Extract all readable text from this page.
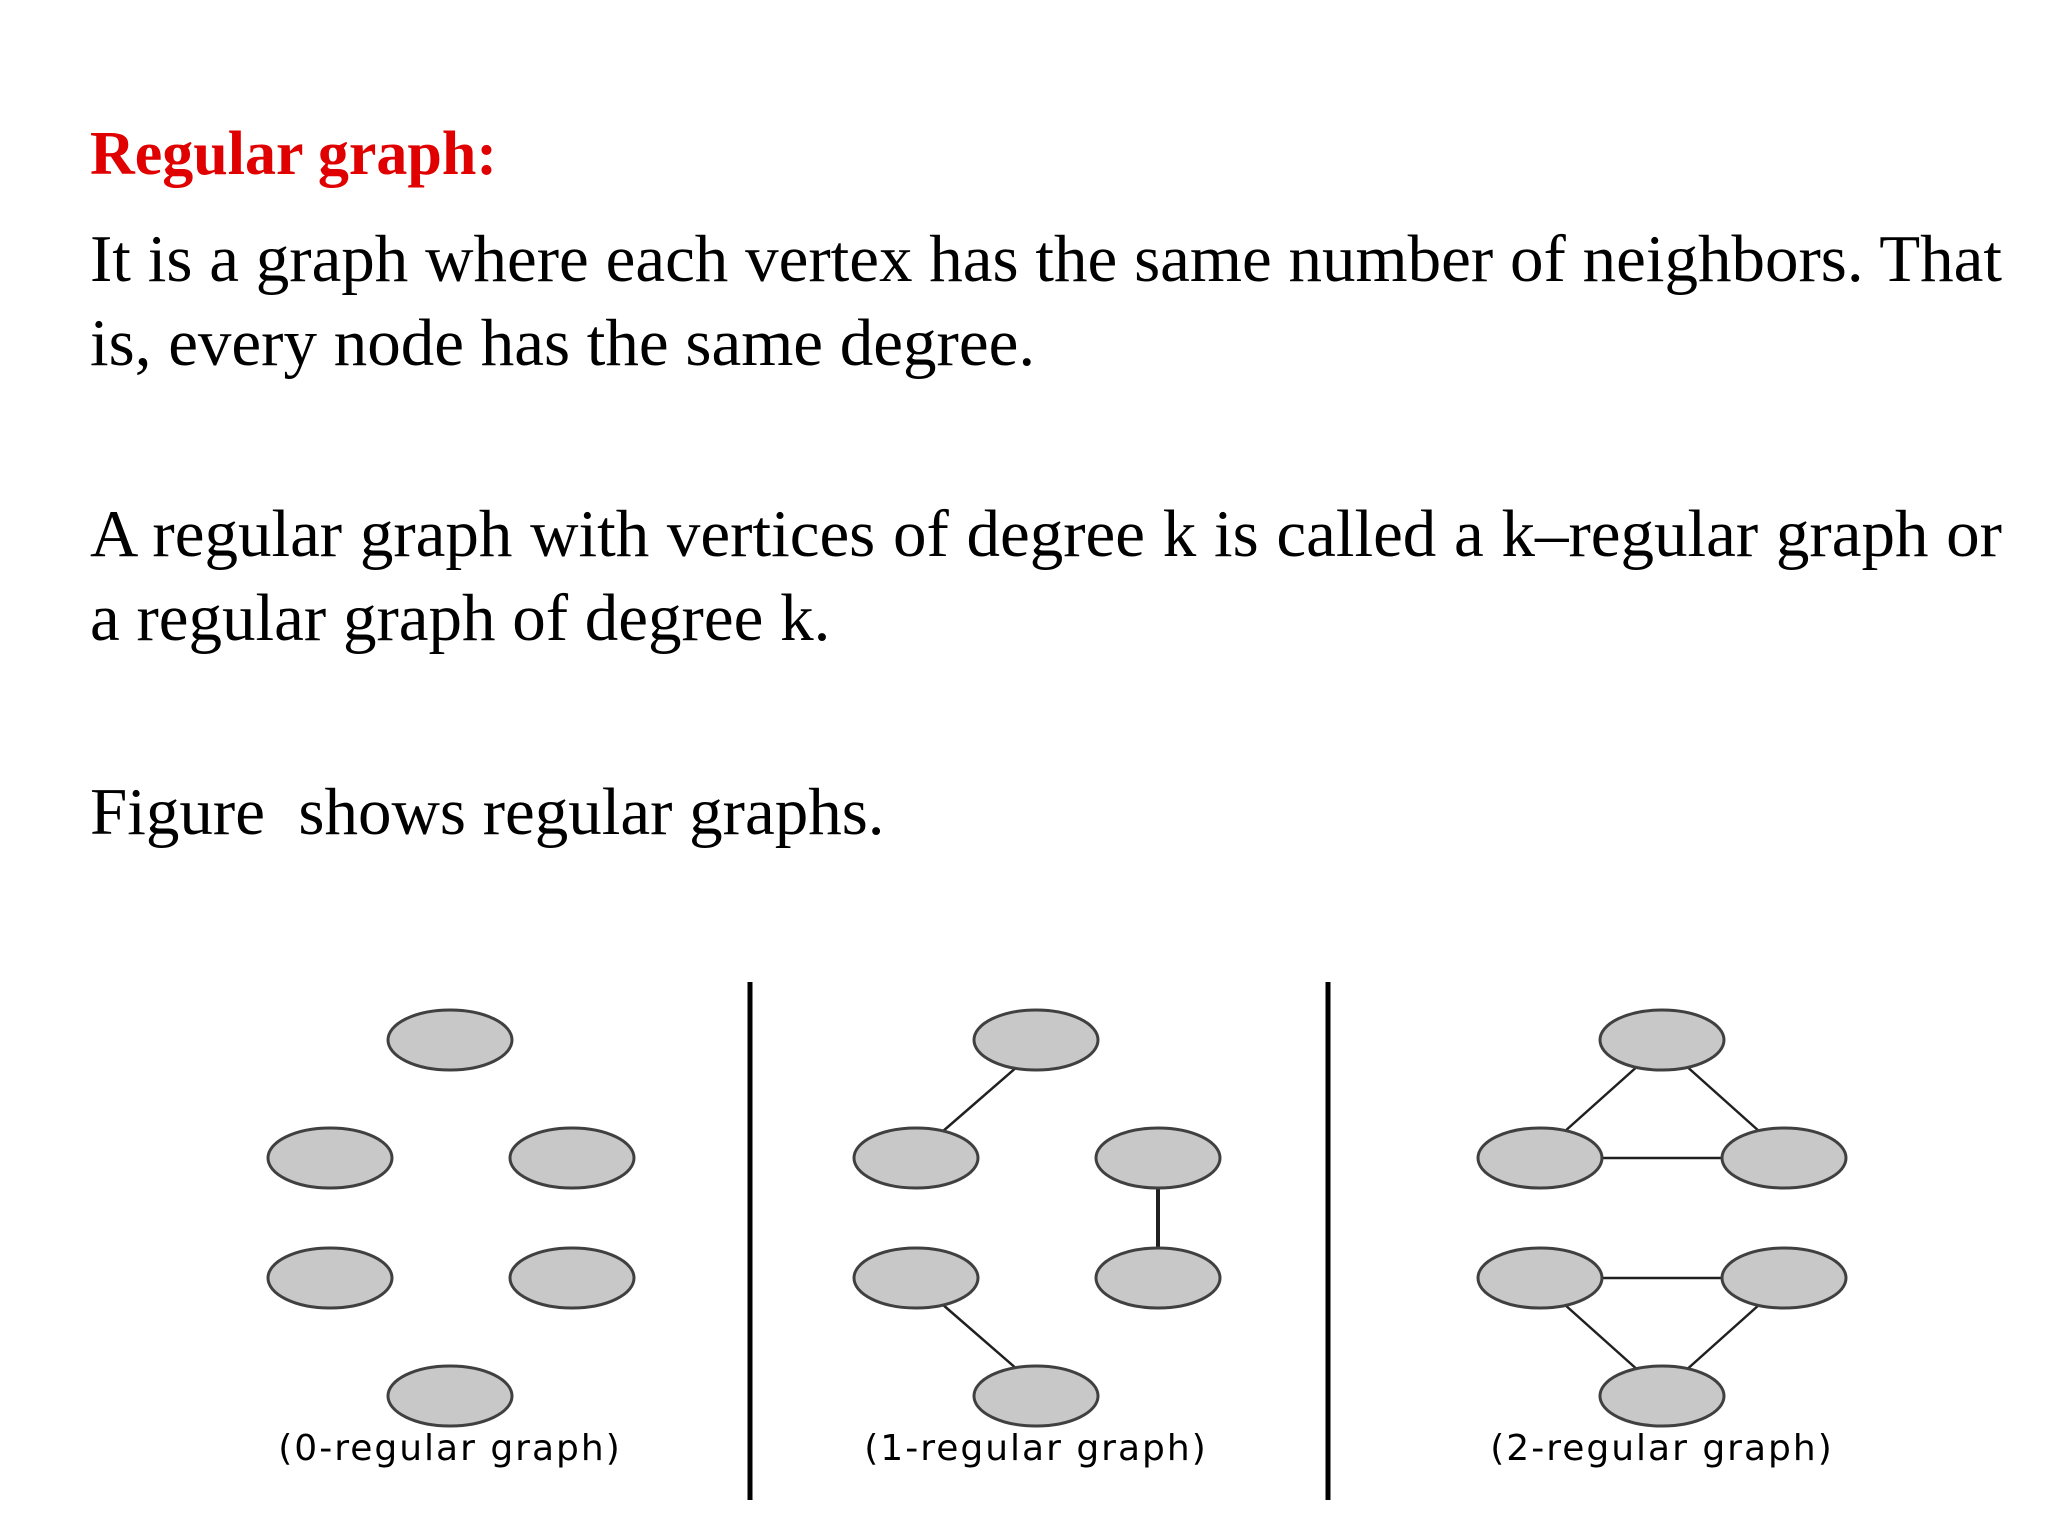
Regular graph:

It is a graph where each vertex has the same number of neighbors. That is, every node has the same degree.

A regular graph with vertices of degree k is called a k–regular graph or a regular graph of degree k.

Figure  shows regular graphs.

(0-regular graph)	(1-regular graph)	(2-regular graph)
